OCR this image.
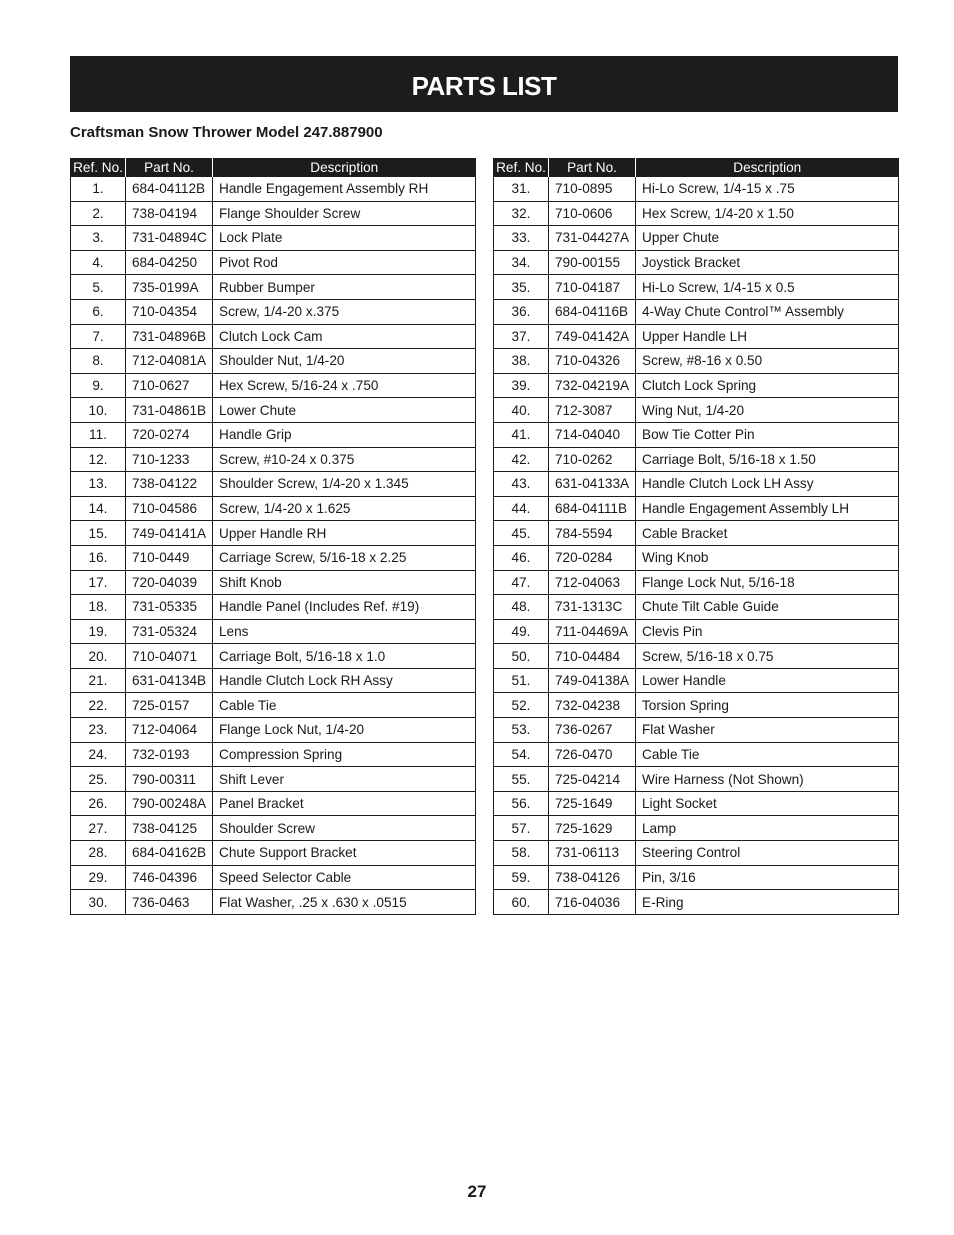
PARTS LIST
Craftsman Snow Thrower Model 247.887900
Ref. No.	Part No.	Description
1.	684-04112B	Handle Engagement Assembly RH
2.	738-04194	Flange Shoulder Screw
3.	731-04894C	Lock Plate
4.	684-04250	Pivot Rod
5.	735-0199A	Rubber Bumper
6.	710-04354	Screw, 1/4-20 x.375
7.	731-04896B	Clutch Lock Cam
8.	712-04081A	Shoulder Nut, 1/4-20
9.	710-0627	Hex Screw, 5/16-24 x .750
10.	731-04861B	Lower Chute
11.	720-0274	Handle Grip
12.	710-1233	Screw, #10-24 x 0.375
13.	738-04122	Shoulder Screw, 1/4-20 x 1.345
14.	710-04586	Screw, 1/4-20 x 1.625
15.	749-04141A	Upper Handle RH
16.	710-0449	Carriage Screw, 5/16-18 x 2.25
17.	720-04039	Shift Knob
18.	731-05335	Handle Panel (Includes Ref. #19)
19.	731-05324	Lens
20.	710-04071	Carriage Bolt, 5/16-18 x 1.0
21.	631-04134B	Handle Clutch Lock RH Assy
22.	725-0157	Cable Tie
23.	712-04064	Flange Lock Nut, 1/4-20
24.	732-0193	Compression Spring
25.	790-00311	Shift Lever
26.	790-00248A	Panel Bracket
27.	738-04125	Shoulder Screw
28.	684-04162B	Chute Support Bracket
29.	746-04396	Speed Selector Cable
30.	736-0463	Flat Washer, .25 x .630 x .0515
Ref. No.	Part No.	Description
31.	710-0895	Hi-Lo Screw, 1/4-15 x .75
32.	710-0606	Hex Screw, 1/4-20 x 1.50
33.	731-04427A	Upper Chute
34.	790-00155	Joystick Bracket
35.	710-04187	Hi-Lo Screw, 1/4-15 x 0.5
36.	684-04116B	4-Way Chute Control™ Assembly
37.	749-04142A	Upper Handle LH
38.	710-04326	Screw, #8-16 x 0.50
39.	732-04219A	Clutch Lock Spring
40.	712-3087	Wing Nut, 1/4-20
41.	714-04040	Bow Tie Cotter Pin
42.	710-0262	Carriage Bolt, 5/16-18 x 1.50
43.	631-04133A	Handle Clutch Lock LH Assy
44.	684-04111B	Handle Engagement Assembly LH
45.	784-5594	Cable Bracket
46.	720-0284	Wing Knob
47.	712-04063	Flange Lock Nut, 5/16-18
48.	731-1313C	Chute Tilt Cable Guide
49.	711-04469A	Clevis Pin
50.	710-04484	Screw, 5/16-18 x 0.75
51.	749-04138A	Lower Handle
52.	732-04238	Torsion Spring
53.	736-0267	Flat Washer
54.	726-0470	Cable Tie
55.	725-04214	Wire Harness (Not Shown)
56.	725-1649	Light Socket
57.	725-1629	Lamp
58.	731-06113	Steering Control
59.	738-04126	Pin, 3/16
60.	716-04036	E-Ring
27
